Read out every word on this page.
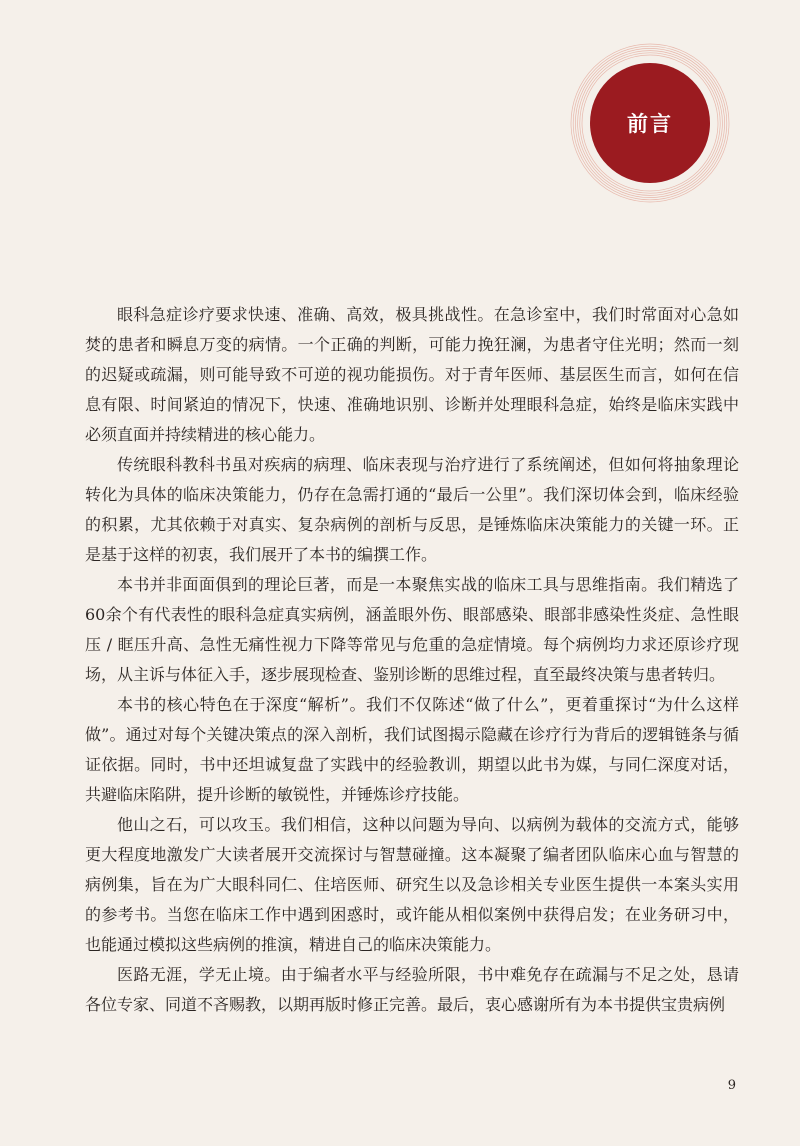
前言

眼科急症诊疗要求快速、准确、高效，极具挑战性。在急诊室中，我们时常面对心急如焚的患者和瞬息万变的病情。一个正确的判断，可能力挽狂澜，为患者守住光明；然而一刻的迟疑或疏漏，则可能导致不可逆的视功能损伤。对于青年医师、基层医生而言，如何在信息有限、时间紧迫的情况下，快速、准确地识别、诊断并处理眼科急症，始终是临床实践中必须直面并持续精进的核心能力。

传统眼科教科书虽对疾病的病理、临床表现与治疗进行了系统阐述，但如何将抽象理论转化为具体的临床决策能力，仍存在急需打通的“最后一公里”。我们深切体会到，临床经验的积累，尤其依赖于对真实、复杂病例的剖析与反思，是锤炼临床决策能力的关键一环。正是基于这样的初衷，我们展开了本书的编撰工作。

本书并非面面俱到的理论巨著，而是一本聚焦实战的临床工具与思维指南。我们精选了60余个有代表性的眼科急症真实病例，涵盖眼外伤、眼部感染、眼部非感染性炎症、急性眼压 / 眶压升高、急性无痛性视力下降等常见与危重的急症情境。每个病例均力求还原诊疗现场，从主诉与体征入手，逐步展现检查、鉴别诊断的思维过程，直至最终决策与患者转归。

本书的核心特色在于深度“解析”。我们不仅陈述“做了什么”，更着重探讨“为什么这样做”。通过对每个关键决策点的深入剖析，我们试图揭示隐藏在诊疗行为背后的逻辑链条与循证依据。同时，书中还坦诚复盘了实践中的经验教训，期望以此书为媒，与同仁深度对话，共避临床陷阱，提升诊断的敏锐性，并锤炼诊疗技能。

他山之石，可以攻玉。我们相信，这种以问题为导向、以病例为载体的交流方式，能够更大程度地激发广大读者展开交流探讨与智慧碰撞。这本凝聚了编者团队临床心血与智慧的病例集，旨在为广大眼科同仁、住培医师、研究生以及急诊相关专业医生提供一本案头实用的参考书。当您在临床工作中遇到困惑时，或许能从相似案例中获得启发；在业务研习中，也能通过模拟这些病例的推演，精进自己的临床决策能力。

医路无涯，学无止境。由于编者水平与经验所限，书中难免存在疏漏与不足之处，恳请各位专家、同道不吝赐教，以期再版时修正完善。最后，衷心感谢所有为本书提供宝贵病例

9
